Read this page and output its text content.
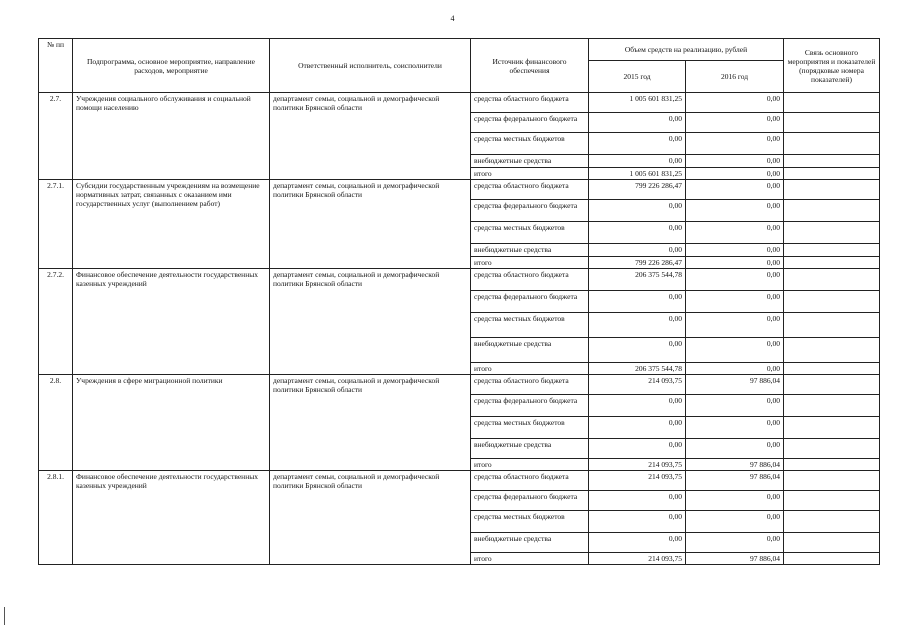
4
№ пп	Подпрограмма, основное мероприятие, направление расходов, мероприятие	Ответственный исполнитель, соисполнители	Источник финансового обеспечения	Объем средств на реализацию, рублей		Связь основного мероприятия и показателей (порядковые номера показателей)
				2015 год	2016 год	
2.7.	Учреждения социального обслуживания и социальной помощи населению	департамент семьи, социальной и демографической политики Брянской области	средства областного бюджета	1 005 601 831,25	0,00	
			средства федерального бюджета	0,00	0,00	
			средства местных бюджетов	0,00	0,00	
			внебюджетные средства	0,00	0,00	
			итого	1 005 601 831,25	0,00	
2.7.1.	Субсидии государственным учреждениям на возмещение нормативных затрат, связанных с оказанием ими государственных услуг (выполнением работ)	департамент семьи, социальной и демографической политики Брянской области	средства областного бюджета	799 226 286,47	0,00	
			средства федерального бюджета	0,00	0,00	
			средства местных бюджетов	0,00	0,00	
			внебюджетные средства	0,00	0,00	
			итого	799 226 286,47	0,00	
2.7.2.	Финансовое обеспечение деятельности государственных казенных учреждений	департамент семьи, социальной и демографической политики Брянской области	средства областного бюджета	206 375 544,78	0,00	
			средства федерального бюджета	0,00	0,00	
			средства местных бюджетов	0,00	0,00	
			внебюджетные средства	0,00	0,00	
			итого	206 375 544,78	0,00	
2.8.	Учреждения в сфере миграционной политики	департамент семьи, социальной и демографической политики Брянской области	средства областного бюджета	214 093,75	97 886,04	
			средства федерального бюджета	0,00	0,00	
			средства местных бюджетов	0,00	0,00	
			внебюджетные средства	0,00	0,00	
			итого	214 093,75	97 886,04	
2.8.1.	Финансовое обеспечение деятельности государственных казенных учреждений	департамент семьи, социальной и демографической политики Брянской области	средства областного бюджета	214 093,75	97 886,04	
			средства федерального бюджета	0,00	0,00	
			средства местных бюджетов	0,00	0,00	
			внебюджетные средства	0,00	0,00	
			итого	214 093,75	97 886,04	
